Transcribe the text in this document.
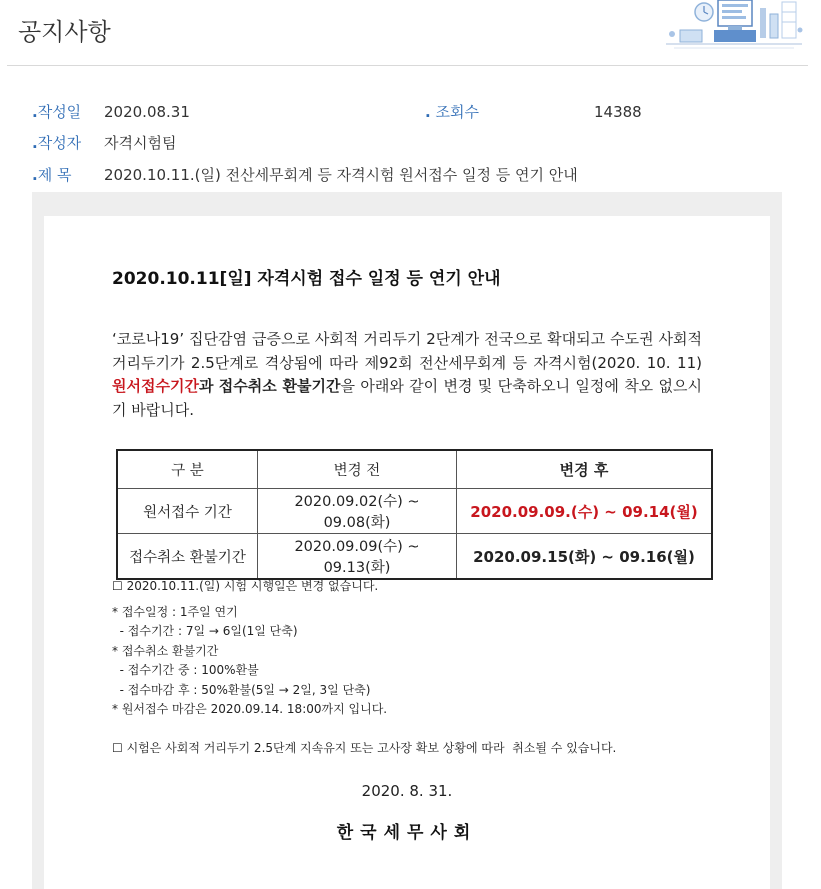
공지사항
.작성일 2020.08.31	. 조회수	14388
.작성자 자격시험팀
.제 목 2020.10.11.(일) 전산세무회계 등 자격시험 원서접수 일정 등 연기 안내
2020.10.11[일] 자격시험 접수 일정 등 연기 안내
‘코로나19’ 집단감염 급증으로 사회적 거리두기 2단계가 전국으로 확대되고 수도권 사회적 거리두기가 2.5단계로 격상됨에 따라 제92회 전산세무회계 등 자격시험(2020. 10. 11) 원서접수기간과 접수취소 환불기간을 아래와 같이 변경 및 단축하오니 일정에 착오 없으시기 바랍니다.
구 분	변경 전	변경 후
원서접수 기간	2020.09.02(수) ~ 09.08(화)	2020.09.09.(수) ~ 09.14(월)
접수취소 환불기간	2020.09.09(수) ~ 09.13(화)	2020.09.15(화) ~ 09.16(월)
☐ 2020.10.11.(일) 시험 시행일은 변경 없습니다.
* 접수일정 : 1주일 연기
- 접수기간 : 7일 → 6일(1일 단축)
* 접수취소 환불기간
- 접수기간 중 : 100%환불
- 접수마감 후 : 50%환불(5일 → 2일, 3일 단축)
* 원서접수 마감은 2020.09.14. 18:00까지 입니다.
☐ 시험은 사회적 거리두기 2.5단계 지속유지 또는 고사장 확보 상황에 따라  취소될 수 있습니다.
2020. 8. 31.
한국세무사회
